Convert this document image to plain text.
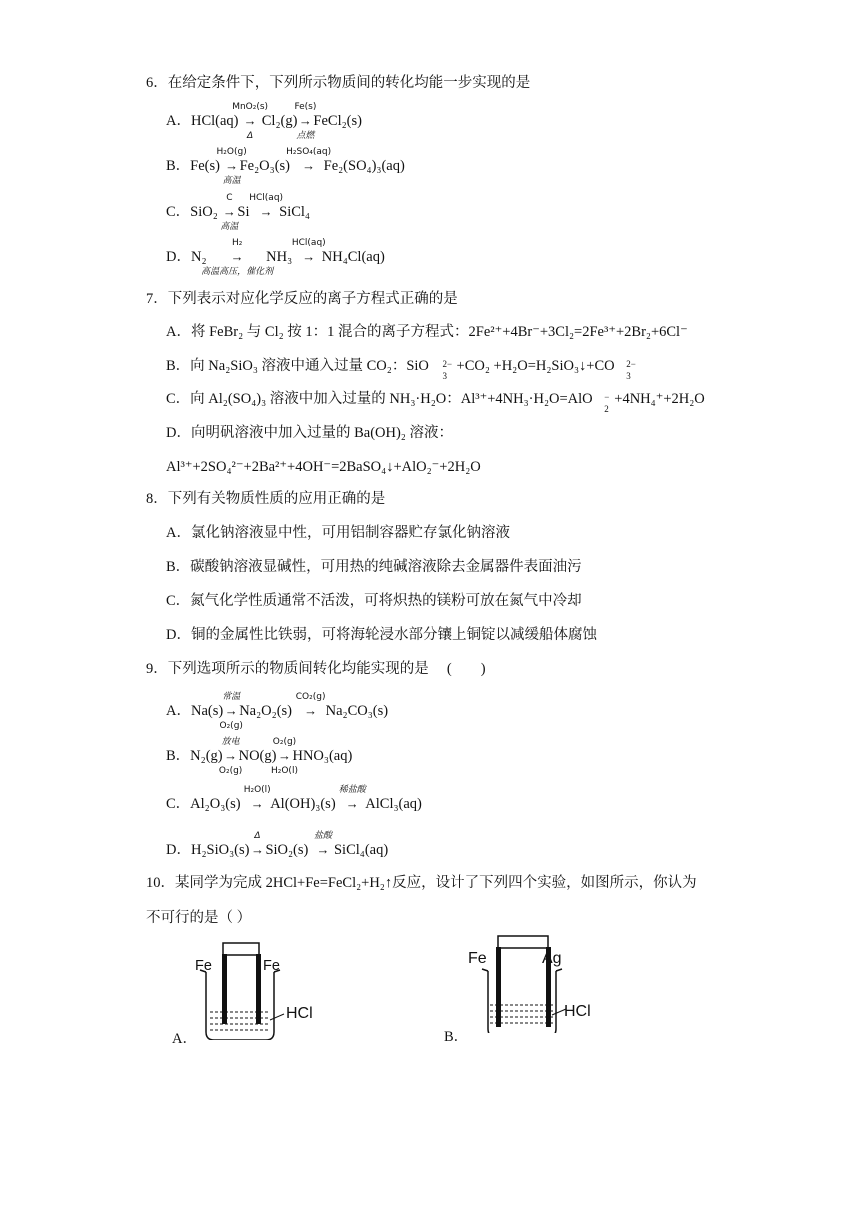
6．在给定条件下，下列所示物质间的转化均能一步实现的是
A．HCl(aq)
MnO₂(s)
→
Δ
Cl₂(g)
Fe(s)
→
点燃
FeCl₂(s)
B．Fe(s)
H₂O(g)
→
高温
Fe₂O₃(s)
H₂SO₄(aq)
→ Fe₂(SO₄)₃(aq)
C．SiO₂
C
→
高温
Si
HCl(aq)
→ SiCl₄
D．N₂
H₂
→
高温高压，催化剂
NH₃
HCl(aq)
→ NH₄Cl(aq)
7．下列表示对应化学反应的离子方程式正确的是
A．将 FeBr₂ 与 Cl₂ 按 1：1 混合的离子方程式：2Fe²⁺+4Br⁻+3Cl₂=2Fe³⁺+2Br₂+6Cl⁻
B．向 Na₂SiO₃ 溶液中通入过量 CO₂：SiO 2−
3
+CO₂ +H₂O=H₂SiO₃↓+CO 2−
3
C．向 Al₂(SO₄)₃ 溶液中加入过量的 NH₃·H₂O：Al³⁺+4NH₃·H₂O=AlO −
2
+4NH₄⁺+2H₂O
D．向明矾溶液中加入过量的 Ba(OH)₂ 溶液：
Al³⁺+2SO₄²⁻+2Ba²⁺+4OH⁻=2BaSO₄↓+AlO₂⁻+2H₂O
8．下列有关物质性质的应用正确的是
A．氯化钠溶液显中性，可用铝制容器贮存氯化钠溶液
B．碳酸钠溶液显碱性，可用热的纯碱溶液除去金属器件表面油污
C．氮气化学性质通常不活泼，可将炽热的镁粉可放在氮气中冷却
D．铜的金属性比铁弱，可将海轮浸水部分镶上铜锭以减缓船体腐蚀
9．下列选项所示的物质间转化均能实现的是　 (　　)
A．Na(s)
常温
→
O₂(g)
Na₂O₂(s)
CO₂(g)
→ Na₂CO₃(s)
B．N₂(g)
放电
→
O₂(g)
NO(g)
O₂(g)
→
H₂O(l)
HNO₃(aq)
C．Al₂O₃(s)
H₂O(l)
→ Al(OH)₃(s)
稀盐酸
→ AlCl₃(aq)
D．H₂SiO₃(s)
Δ
→ SiO₂(s)
盐酸
→ SiCl₄(aq)
10．某同学为完成 2HCl+Fe=FeCl₂+H₂↑反应，设计了下列四个实验，如图所示，你认为
不可行的是（ ）
Fe	Fe
HCl
A．
Fe	Ag
HCl
B．
